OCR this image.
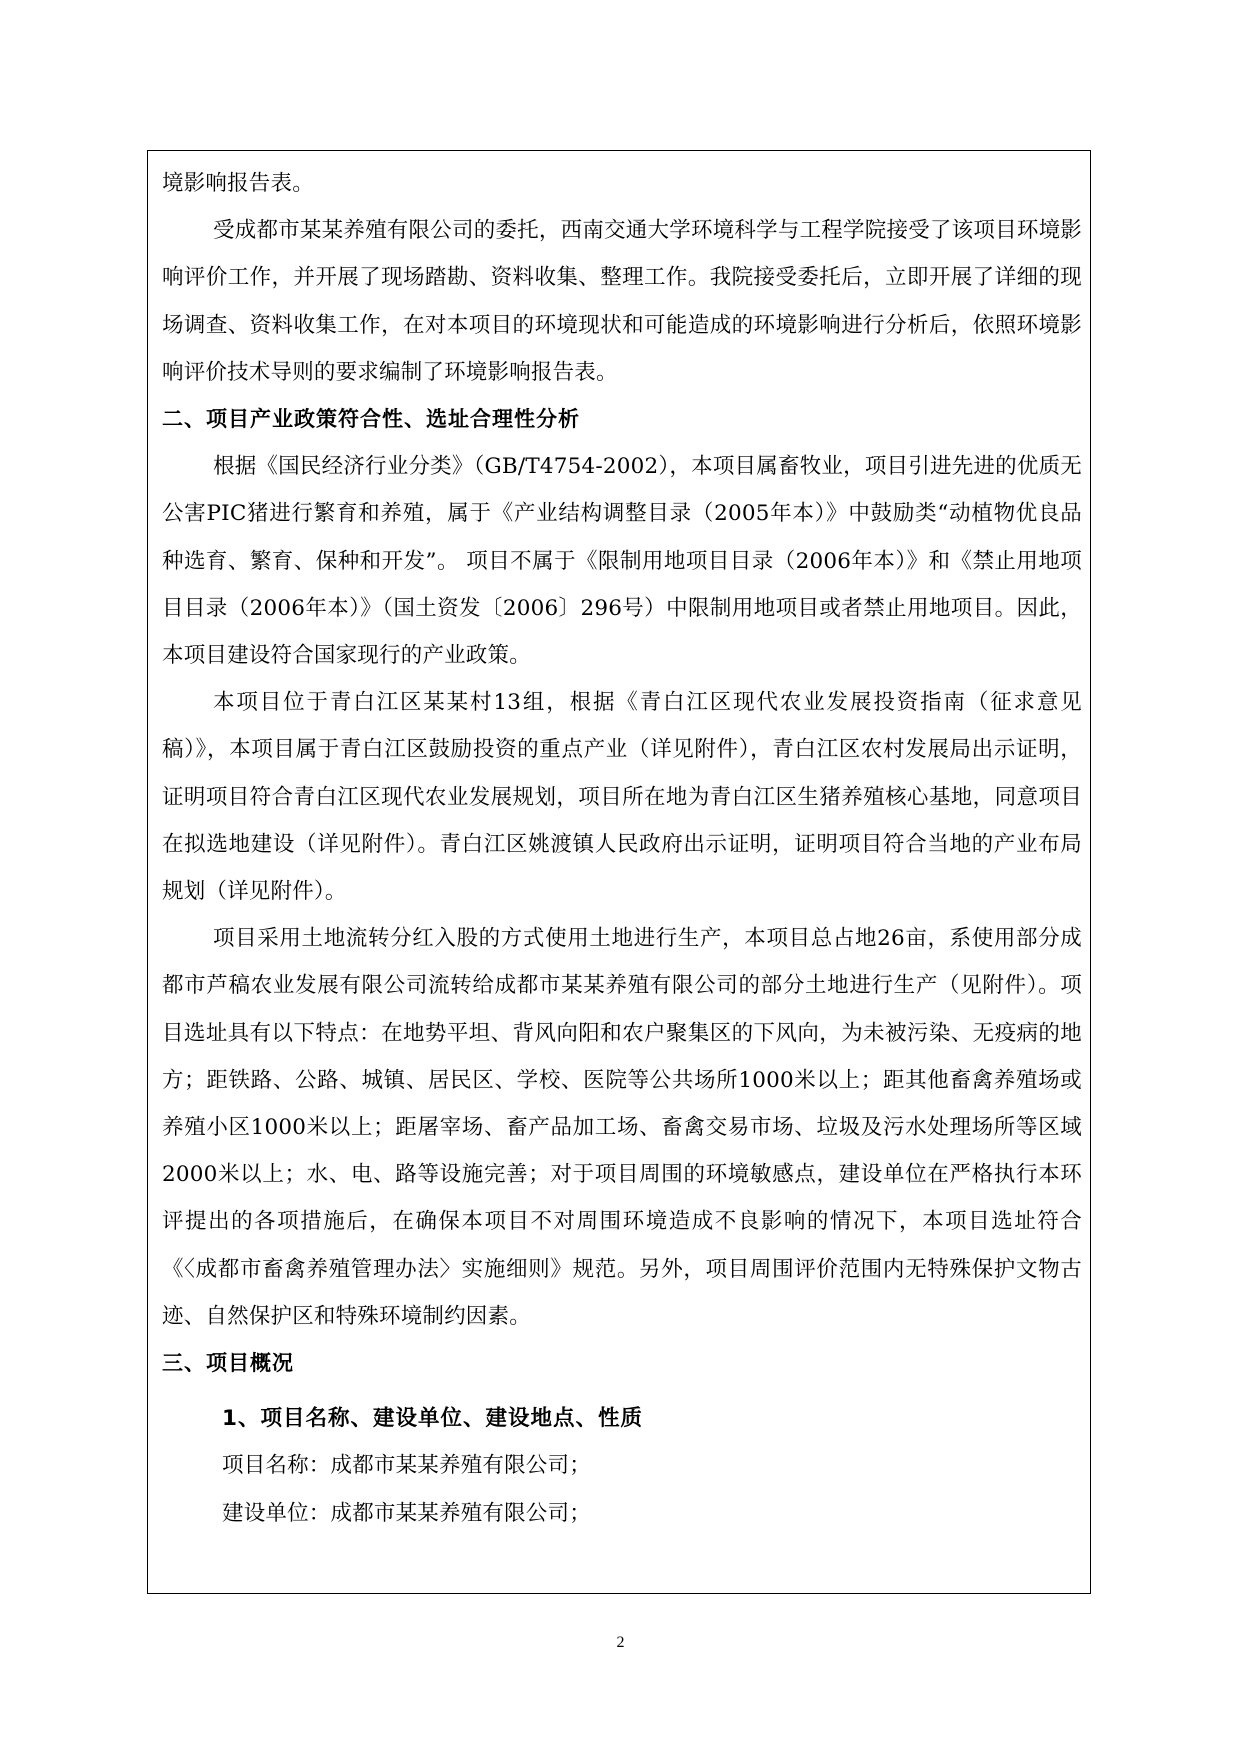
境影响报告表。

受成都市某某养殖有限公司的委托，西南交通大学环境科学与工程学院接受了该项目环境影响评价工作，并开展了现场踏勘、资料收集、整理工作。我院接受委托后，立即开展了详细的现场调查、资料收集工作，在对本项目的环境现状和可能造成的环境影响进行分析后，依照环境影响评价技术导则的要求编制了环境影响报告表。

二、项目产业政策符合性、选址合理性分析

根据《国民经济行业分类》（GB/T4754-2002），本项目属畜牧业，项目引进先进的优质无公害PIC猪进行繁育和养殖，属于《产业结构调整目录（2005年本）》中鼓励类“动植物优良品种选育、繁育、保种和开发”。 项目不属于《限制用地项目目录（2006年本）》和《禁止用地项目目录（2006年本）》（国土资发〔2006〕296号）中限制用地项目或者禁止用地项目。因此，本项目建设符合国家现行的产业政策。

本项目位于青白江区某某村13组，根据《青白江区现代农业发展投资指南（征求意见稿）》，本项目属于青白江区鼓励投资的重点产业（详见附件），青白江区农村发展局出示证明，证明项目符合青白江区现代农业发展规划，项目所在地为青白江区生猪养殖核心基地，同意项目在拟选地建设（详见附件）。青白江区姚渡镇人民政府出示证明，证明项目符合当地的产业布局规划（详见附件）。

项目采用土地流转分红入股的方式使用土地进行生产，本项目总占地26亩，系使用部分成都市芦稿农业发展有限公司流转给成都市某某养殖有限公司的部分土地进行生产（见附件）。项目选址具有以下特点：在地势平坦、背风向阳和农户聚集区的下风向，为未被污染、无疫病的地方；距铁路、公路、城镇、居民区、学校、医院等公共场所1000米以上；距其他畜禽养殖场或养殖小区1000米以上；距屠宰场、畜产品加工场、畜禽交易市场、垃圾及污水处理场所等区域2000米以上；水、电、路等设施完善；对于项目周围的环境敏感点，建设单位在严格执行本环评提出的各项措施后，在确保本项目不对周围环境造成不良影响的情况下，本项目选址符合《〈成都市畜禽养殖管理办法〉实施细则》规范。另外，项目周围评价范围内无特殊保护文物古迹、自然保护区和特殊环境制约因素。

三、项目概况

1、项目名称、建设单位、建设地点、性质

项目名称：成都市某某养殖有限公司；

建设单位：成都市某某养殖有限公司；

2
